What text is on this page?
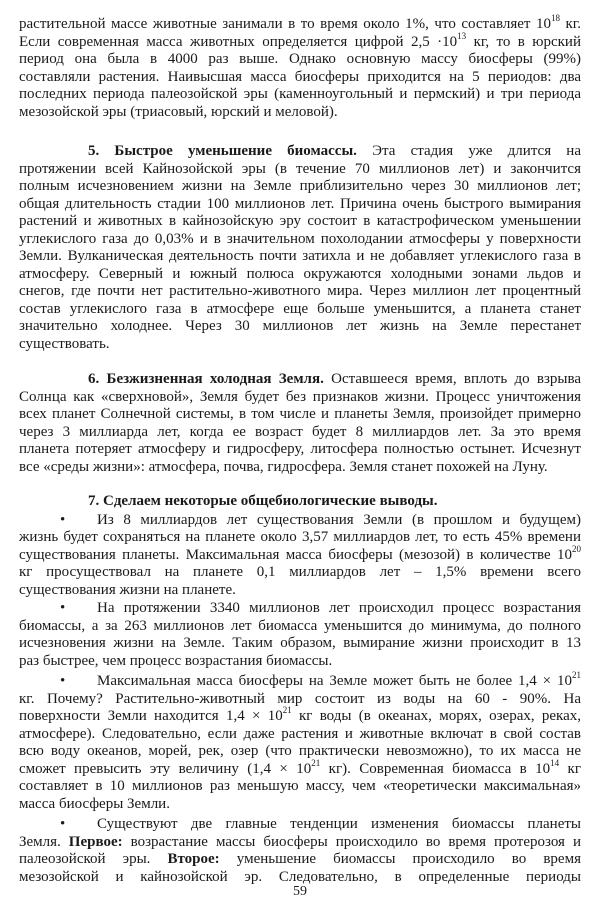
растительной массе животные занимали в то время около 1%, что составляет $10^{18}$ кг.
Если современная масса животных определяется цифрой $2,5 \cdot 10^{13}$ кг, то в юрский
период она была в 4000 раз выше. Однако основную массу биосферы (99%)
составляли растения. Наивысшая масса биосферы приходится на 5 периодов: два
последних периода палеозойской эры (каменноугольный и пермский) и три периода
мезозойской эры (триасовый, юрский и меловой).
5. Быстрое уменьшение биомассы. Эта стадия уже длится на
протяжении всей Кайнозойской эры (в течение 70 миллионов лет) и закончится
полным исчезновением жизни на Земле приблизительно через 30 миллионов лет;
общая длительность стадии 100 миллионов лет. Причина очень быстрого вымирания
растений и животных в кайнозойскую эру состоит в катастрофическом уменьшении
углекислого газа до 0,03% и в значительном похолодании атмосферы у поверхности
Земли. Вулканическая деятельность почти затихла и не добавляет углекислого газа в
атмосферу. Северный и южный полюса окружаются холодными зонами льдов и
снегов, где почти нет растительно-животного мира. Через миллион лет процентный
состав углекислого газа в атмосфере еще больше уменьшится, а планета станет
значительно холоднее. Через 30 миллионов лет жизнь на Земле перестанет
существовать.
6. Безжизненная холодная Земля. Оставшееся время, вплоть до взрыва
Солнца как «сверхновой», Земля будет без признаков жизни. Процесс уничтожения
всех планет Солнечной системы, в том числе и планеты Земля, произойдет примерно
через 3 миллиарда лет, когда ее возраст будет 8 миллиардов лет. За это время
планета потеряет атмосферу и гидросферу, литосфера полностью остынет. Исчезнут
все «среды жизни»: атмосфера, почва, гидросфера. Земля станет похожей на Луну.
7. Сделаем некоторые общебиологические выводы.
• Из 8 миллиардов лет существования Земли (в прошлом и будущем)
жизнь будет сохраняться на планете около 3,57 миллиардов лет, то есть 45% времени
существования планеты. Максимальная масса биосферы (мезозой) в количестве $10^{20}$
кг просуществовал на планете 0,1 миллиардов лет – 1,5% времени всего
существования жизни на планете.
• На протяжении 3340 миллионов лет происходил процесс возрастания
биомассы, а за 263 миллионов лет биомасса уменьшится до минимума, до полного
исчезновения жизни на Земле. Таким образом, вымирание жизни происходит в 13
раз быстрее, чем процесс возрастания биомассы.
• Максимальная масса биосферы на Земле может быть не более $1,4 \times 10^{21}$
кг. Почему? Растительно-животный мир состоит из воды на 60 - 90%. На
поверхности Земли находится $1,4 \times 10^{21}$ кг воды (в океанах, морях, озерах, реках,
атмосфере). Следовательно, если даже растения и животные включат в свой состав
всю воду океанов, морей, рек, озер (что практически невозможно), то их масса не
сможет превысить эту величину ($1,4 \times 10^{21}$ кг). Современная биомасса в $10^{14}$ кг
составляет в 10 миллионов раз меньшую массу, чем «теоретически максимальная»
масса биосферы Земли.
• Существуют две главные тенденции изменения биомассы планеты
Земля. Первое: возрастание массы биосферы происходило во время протерозоя и
палеозойской эры. Второе: уменьшение биомассы происходило во время
мезозойской и кайнозойской эр. Следовательно, в определенные периоды
59
